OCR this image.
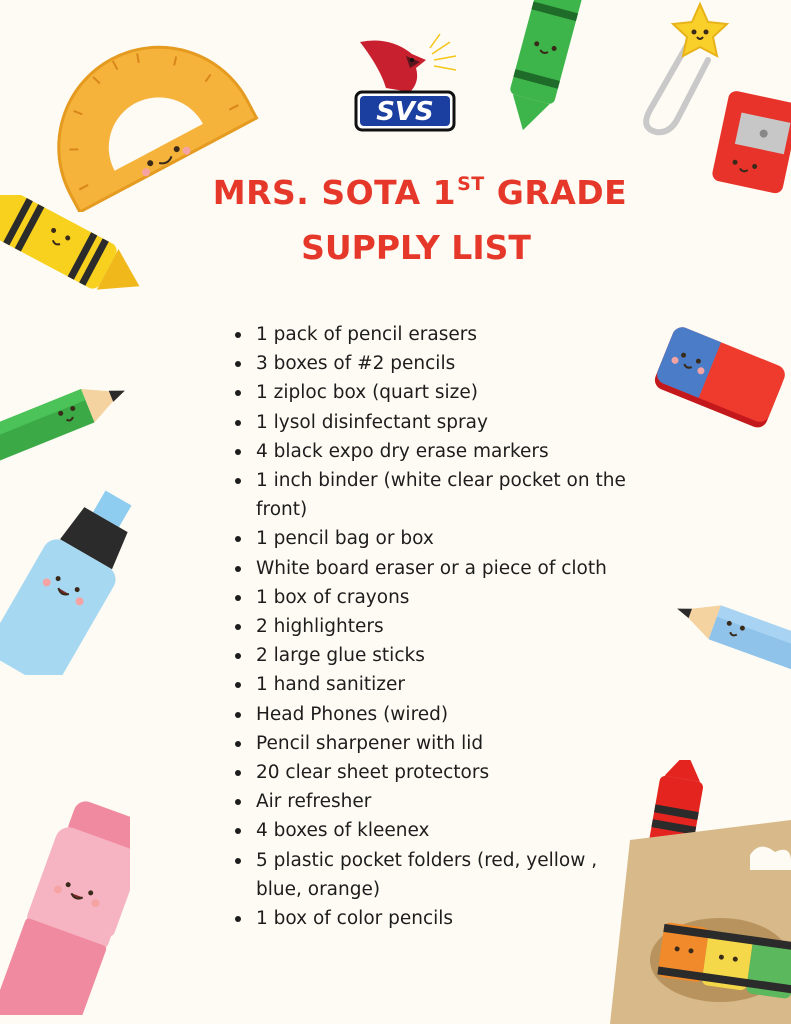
SVS
MRS. SOTA 1ST GRADE
SUPPLY LIST
1 pack of pencil erasers
3 boxes of #2 pencils
1 ziploc box (quart size)
1 lysol disinfectant spray
4 black expo dry erase markers
1 inch binder (white clear pocket on the front)
1 pencil bag or box
White board eraser or a piece of cloth
1 box of crayons
2 highlighters
2 large glue sticks
1 hand sanitizer
Head Phones (wired)
Pencil sharpener with lid
20 clear sheet protectors
Air refresher
4 boxes of kleenex
5 plastic pocket folders (red, yellow , blue, orange)
1 box of color pencils
